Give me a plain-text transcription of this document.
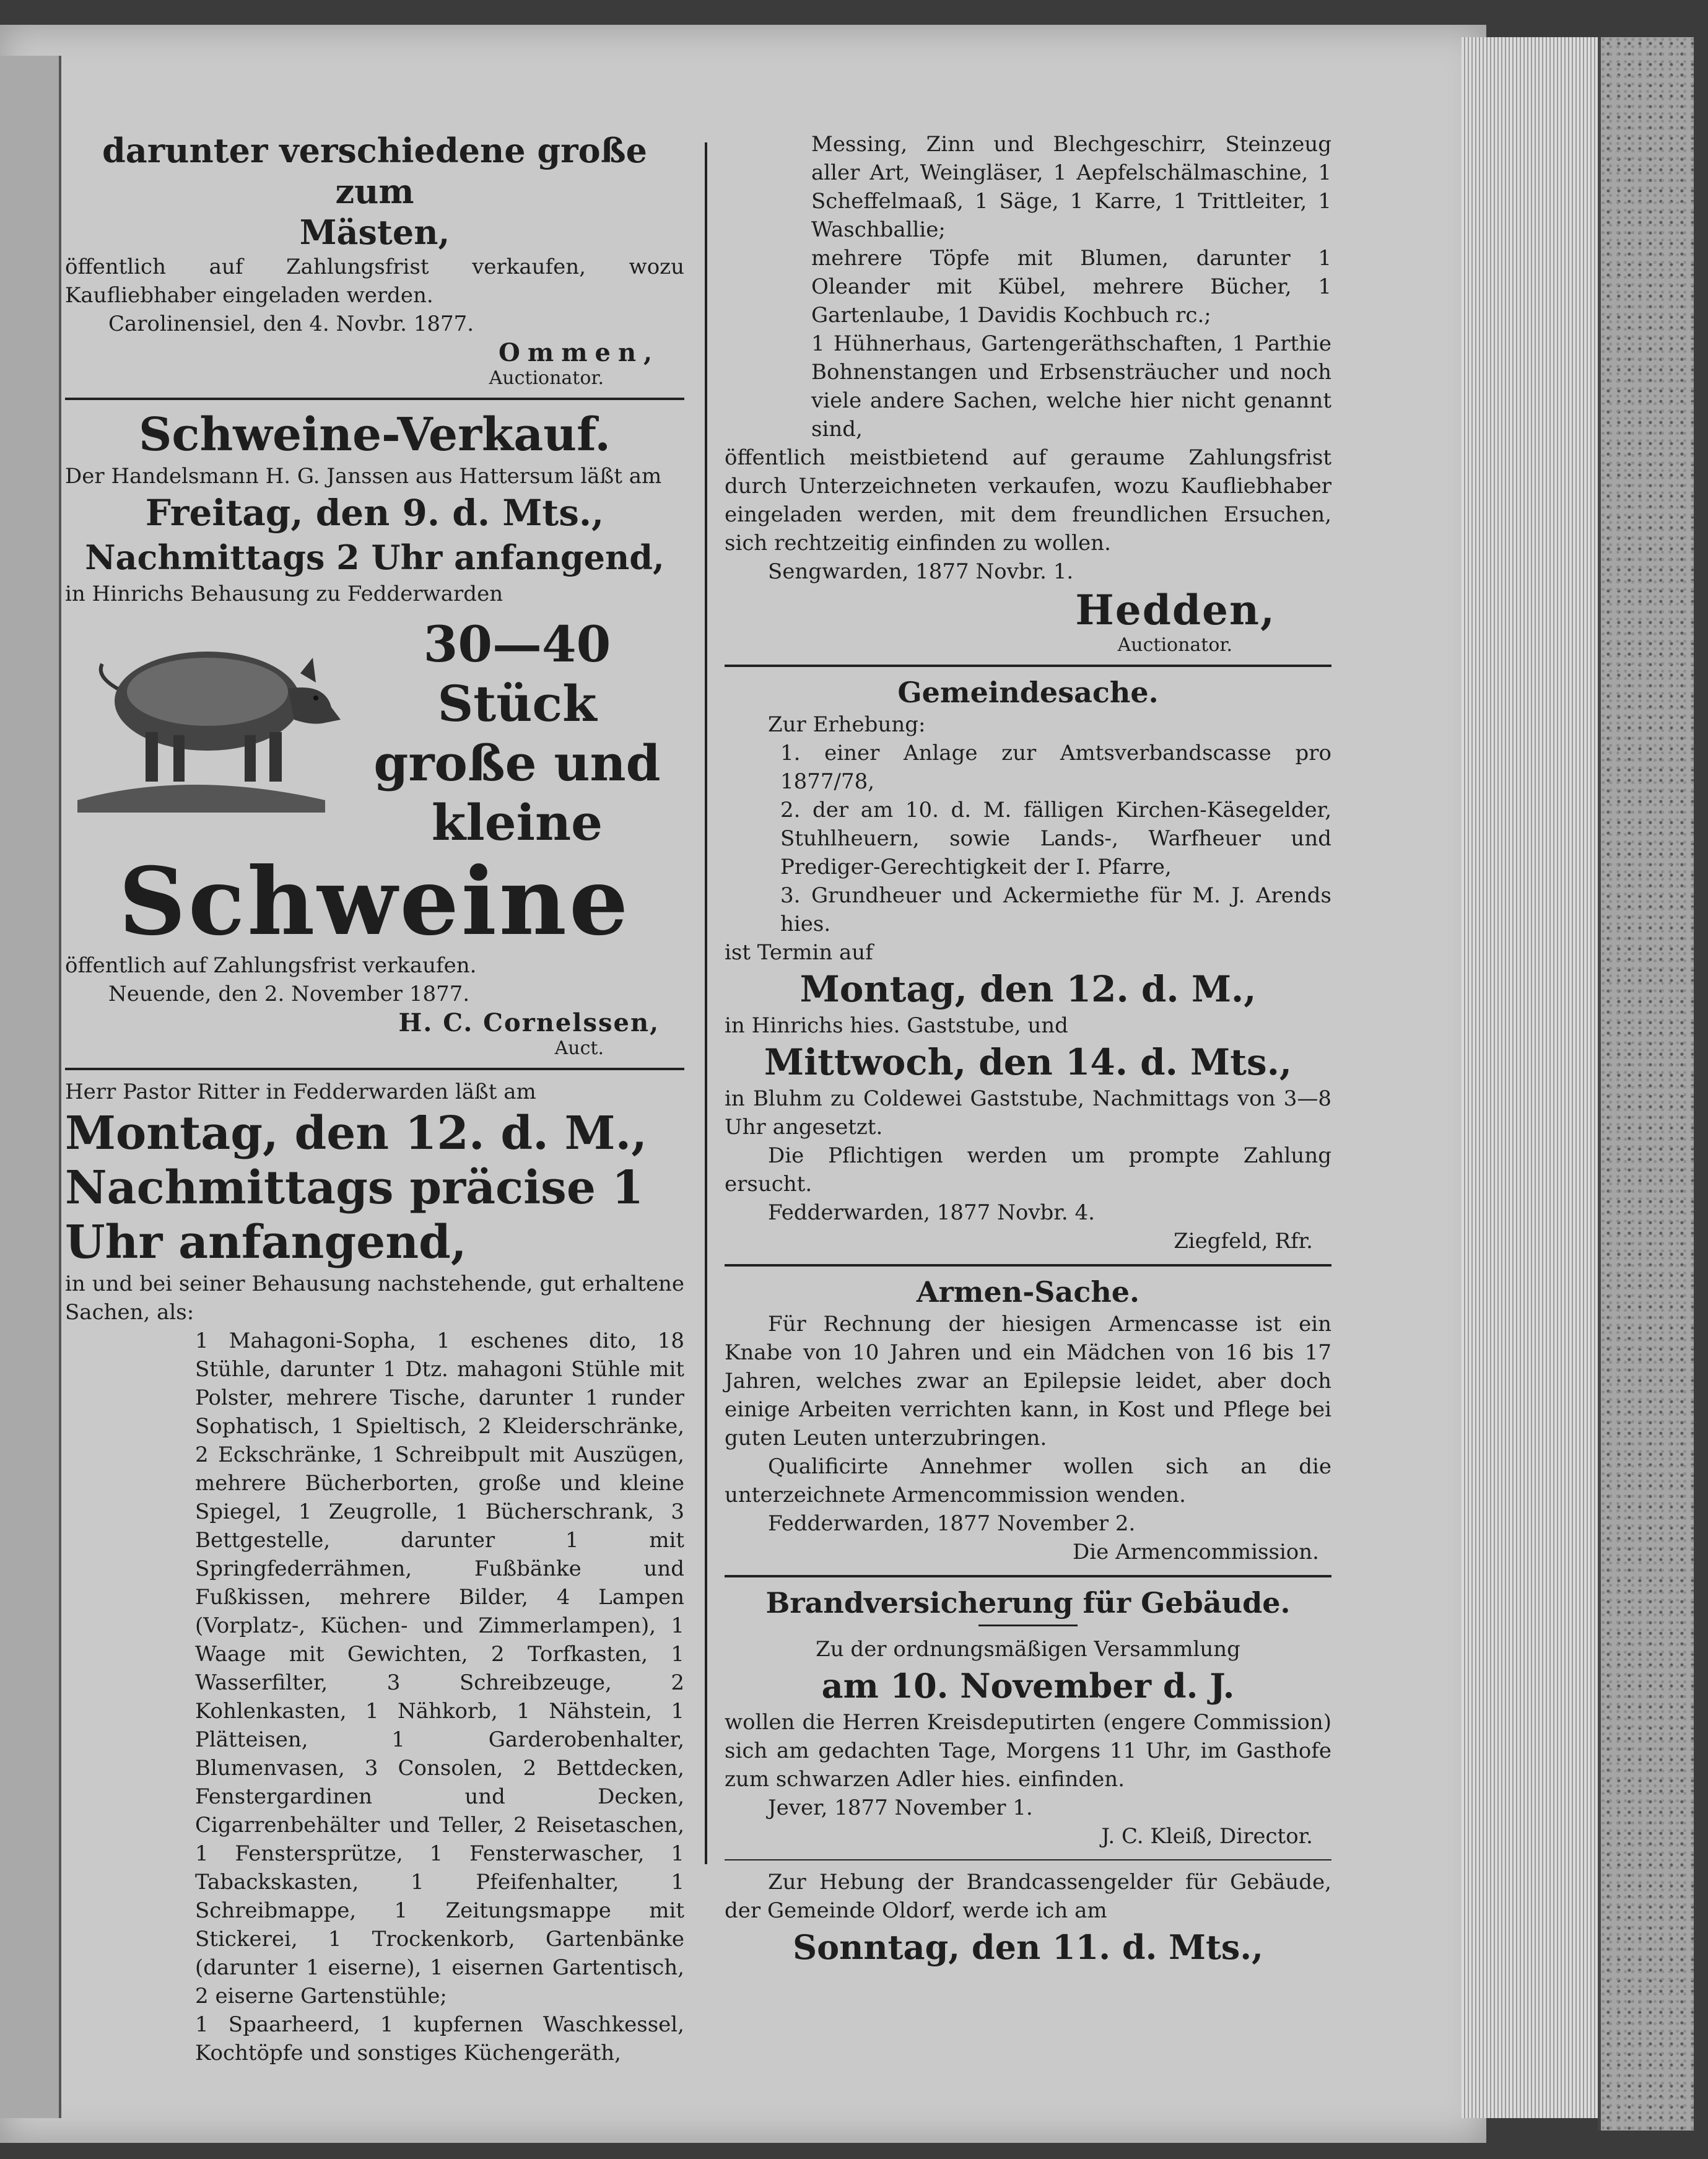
darunter verschiedene große zum

Mästen,

öffentlich auf Zahlungsfrist verkaufen, wozu Kaufliebhaber eingeladen werden.

Carolinensiel, den 4. Novbr. 1877.

Ommen,

Auctionator.

Schweine-Verkauf.

Der Handelsmann H. G. Janssen aus Hattersum läßt am

Freitag, den 9. d. Mts.,

Nachmittags 2 Uhr anfangend,

in Hinrichs Behausung zu Fedderwarden

30—40 Stück

große und

kleine

Schweine

öffentlich auf Zahlungsfrist verkaufen.

Neuende, den 2. November 1877.

H. C. Cornelssen,

Auct.

Herr Pastor Ritter in Fedderwarden läßt am

Montag, den 12. d. M.,

Nachmittags präcise 1

Uhr anfangend,

in und bei seiner Behausung nachstehende, gut erhaltene Sachen, als:

1 Mahagoni-Sopha, 1 eschenes dito, 18 Stühle, darunter 1 Dtz. mahagoni Stühle mit Polster, mehrere Tische, darunter 1 runder Sophatisch, 1 Spieltisch, 2 Kleiderschränke, 2 Eckschränke, 1 Schreibpult mit Auszügen, mehrere Bücherborten, große und kleine Spiegel, 1 Zeugrolle, 1 Bücherschrank, 3 Bettgestelle, darunter 1 mit Springfederrähmen, Fußbänke und Fußkissen, mehrere Bilder, 4 Lampen (Vorplatz-, Küchen- und Zimmerlampen), 1 Waage mit Gewichten, 2 Torfkasten, 1 Wasserfilter, 3 Schreibzeuge, 2 Kohlenkasten, 1 Nähkorb, 1 Nähstein, 1 Plätteisen, 1 Garderobenhalter, Blumenvasen, 3 Consolen, 2 Bettdecken, Fenstergardinen und Decken, Cigarrenbehälter und Teller, 2 Reisetaschen, 1 Fenstersprütze, 1 Fensterwascher, 1 Tabackskasten, 1 Pfeifenhalter, 1 Schreibmappe, 1 Zeitungsmappe mit Stickerei, 1 Trockenkorb, Gartenbänke (darunter 1 eiserne), 1 eisernen Gartentisch, 2 eiserne Gartenstühle;

1 Spaarheerd, 1 kupfernen Waschkessel, Kochtöpfe und sonstiges Küchengeräth,

Messing, Zinn und Blechgeschirr, Steinzeug aller Art, Weingläser, 1 Aepfelschälmaschine, 1 Scheffelmaaß, 1 Säge, 1 Karre, 1 Trittleiter, 1 Waschballie;

mehrere Töpfe mit Blumen, darunter 1 Oleander mit Kübel, mehrere Bücher, 1 Gartenlaube, 1 Davidis Kochbuch rc.;

1 Hühnerhaus, Gartengeräthschaften, 1 Parthie Bohnenstangen und Erbsensträucher und noch viele andere Sachen, welche hier nicht genannt sind,

öffentlich meistbietend auf geraume Zahlungsfrist durch Unterzeichneten verkaufen, wozu Kaufliebhaber eingeladen werden, mit dem freundlichen Ersuchen, sich rechtzeitig einfinden zu wollen.

Sengwarden, 1877 Novbr. 1.

Hedden,

Auctionator.

Gemeindesache.

Zur Erhebung:

1. einer Anlage zur Amtsverbandscasse pro 1877/78,

2. der am 10. d. M. fälligen Kirchen-Käsegelder, Stuhlheuern, sowie Lands-, Warfheuer und Prediger-Gerechtigkeit der I. Pfarre,

3. Grundheuer und Ackermiethe für M. J. Arends hies.

ist Termin auf

Montag, den 12. d. M.,

in Hinrichs hies. Gaststube, und

Mittwoch, den 14. d. Mts.,

in Bluhm zu Coldewei Gaststube, Nachmittags von 3—8 Uhr angesetzt.

Die Pflichtigen werden um prompte Zahlung ersucht.

Fedderwarden, 1877 Novbr. 4.

Ziegfeld, Rfr.

Armen-Sache.

Für Rechnung der hiesigen Armencasse ist ein Knabe von 10 Jahren und ein Mädchen von 16 bis 17 Jahren, welches zwar an Epilepsie leidet, aber doch einige Arbeiten verrichten kann, in Kost und Pflege bei guten Leuten unterzubringen.

Qualificirte Annehmer wollen sich an die unterzeichnete Armencommission wenden.

Fedderwarden, 1877 November 2.

Die Armencommission.

Brandversicherung für Gebäude.

Zu der ordnungsmäßigen Versammlung

am 10. November d. J.

wollen die Herren Kreisdeputirten (engere Commission) sich am gedachten Tage, Morgens 11 Uhr, im Gasthofe zum schwarzen Adler hies. einfinden.

Jever, 1877 November 1.

J. C. Kleiß, Director.

Zur Hebung der Brandcassengelder für Gebäude, der Gemeinde Oldorf, werde ich am

Sonntag, den 11. d. Mts.,
